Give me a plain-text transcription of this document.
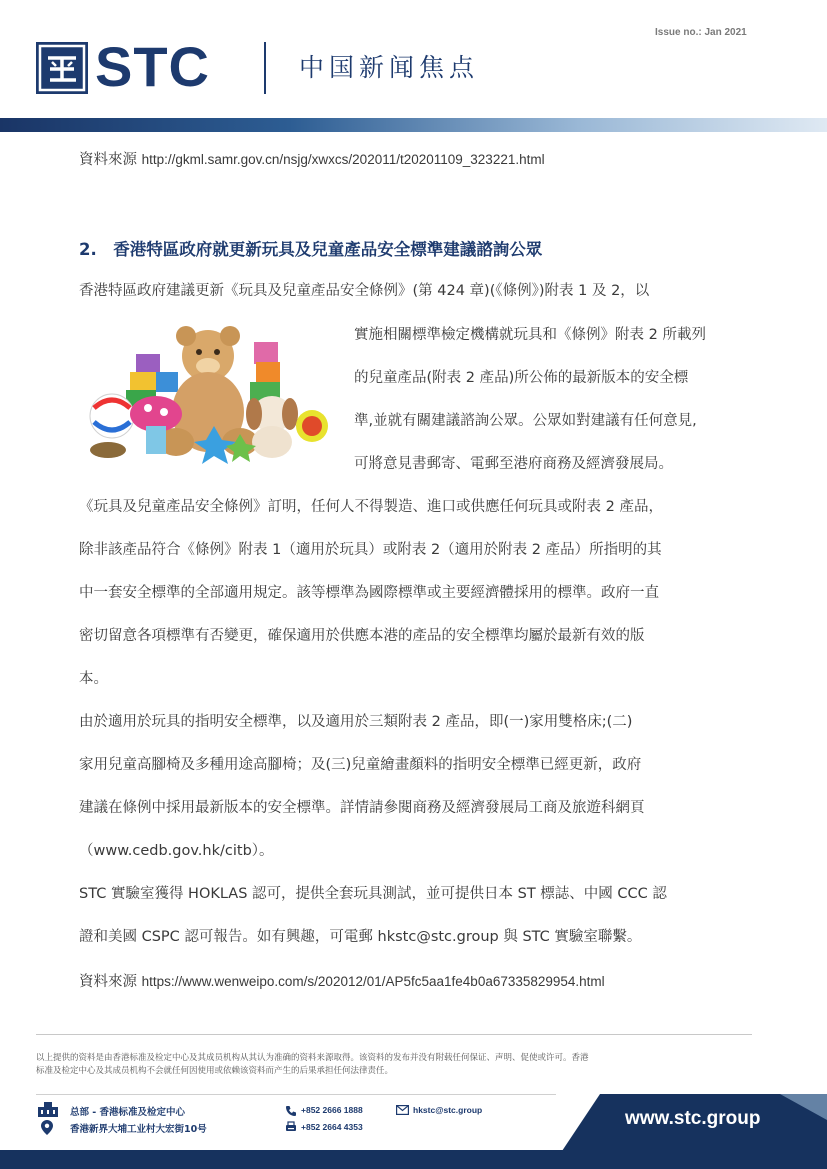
Issue no.: Jan 2021
STC	中国新闻焦点
資料來源 http://gkml.samr.gov.cn/nsjg/xwxcs/202011/t20201109_323221.html
2.　香港特區政府就更新玩具及兒童產品安全標準建議諮詢公眾
香港特區政府建議更新《玩具及兒童產品安全條例》(第 424 章)(《條例》)附表 1 及 2，以
實施相關標準檢定機構就玩具和《條例》附表 2 所載列
的兒童產品(附表 2 產品)所公佈的最新版本的安全標
準,並就有關建議諮詢公眾。公眾如對建議有任何意見,
可將意見書郵寄、電郵至港府商務及經濟發展局。
《玩具及兒童產品安全條例》訂明，任何人不得製造、進口或供應任何玩具或附表 2 產品，
除非該產品符合《條例》附表 1（適用於玩具）或附表 2（適用於附表 2 產品）所指明的其
中一套安全標準的全部適用規定。該等標準為國際標準或主要經濟體採用的標準。政府一直
密切留意各項標準有否變更，確保適用於供應本港的產品的安全標準均屬於最新有效的版
本。
由於適用於玩具的指明安全標準，以及適用於三類附表 2 產品，即(一)家用雙格床;(二)
家用兒童高腳椅及多種用途高腳椅；及(三)兒童繪畫顏料的指明安全標準已經更新，政府
建議在條例中採用最新版本的安全標準。詳情請參閱商務及經濟發展局工商及旅遊科網頁
（www.cedb.gov.hk/citb）。
STC 實驗室獲得 HOKLAS 認可，提供全套玩具測試，並可提供日本 ST 標誌、中國 CCC 認
證和美國 CSPC 認可報告。如有興趣，可電郵 hkstc@stc.group 與 STC 實驗室聯繫。
資料來源 https://www.wenweipo.com/s/202012/01/AP5fc5aa1fe4b0a67335829954.html
以上提供的资料是由香港标准及检定中心及其成员机构从其认为准确的资料来源取得。该资料的发布并没有附载任何保证、声明、促使或许可。香港
标准及检定中心及其成员机构不会就任何因使用或依赖该资料而产生的后果承担任何法律责任。
总部 - 香港标准及检定中心
香港新界大埔工业村大宏街10号
+852 2666 1888
+852 2664 4353
hkstc@stc.group	www.stc.group
